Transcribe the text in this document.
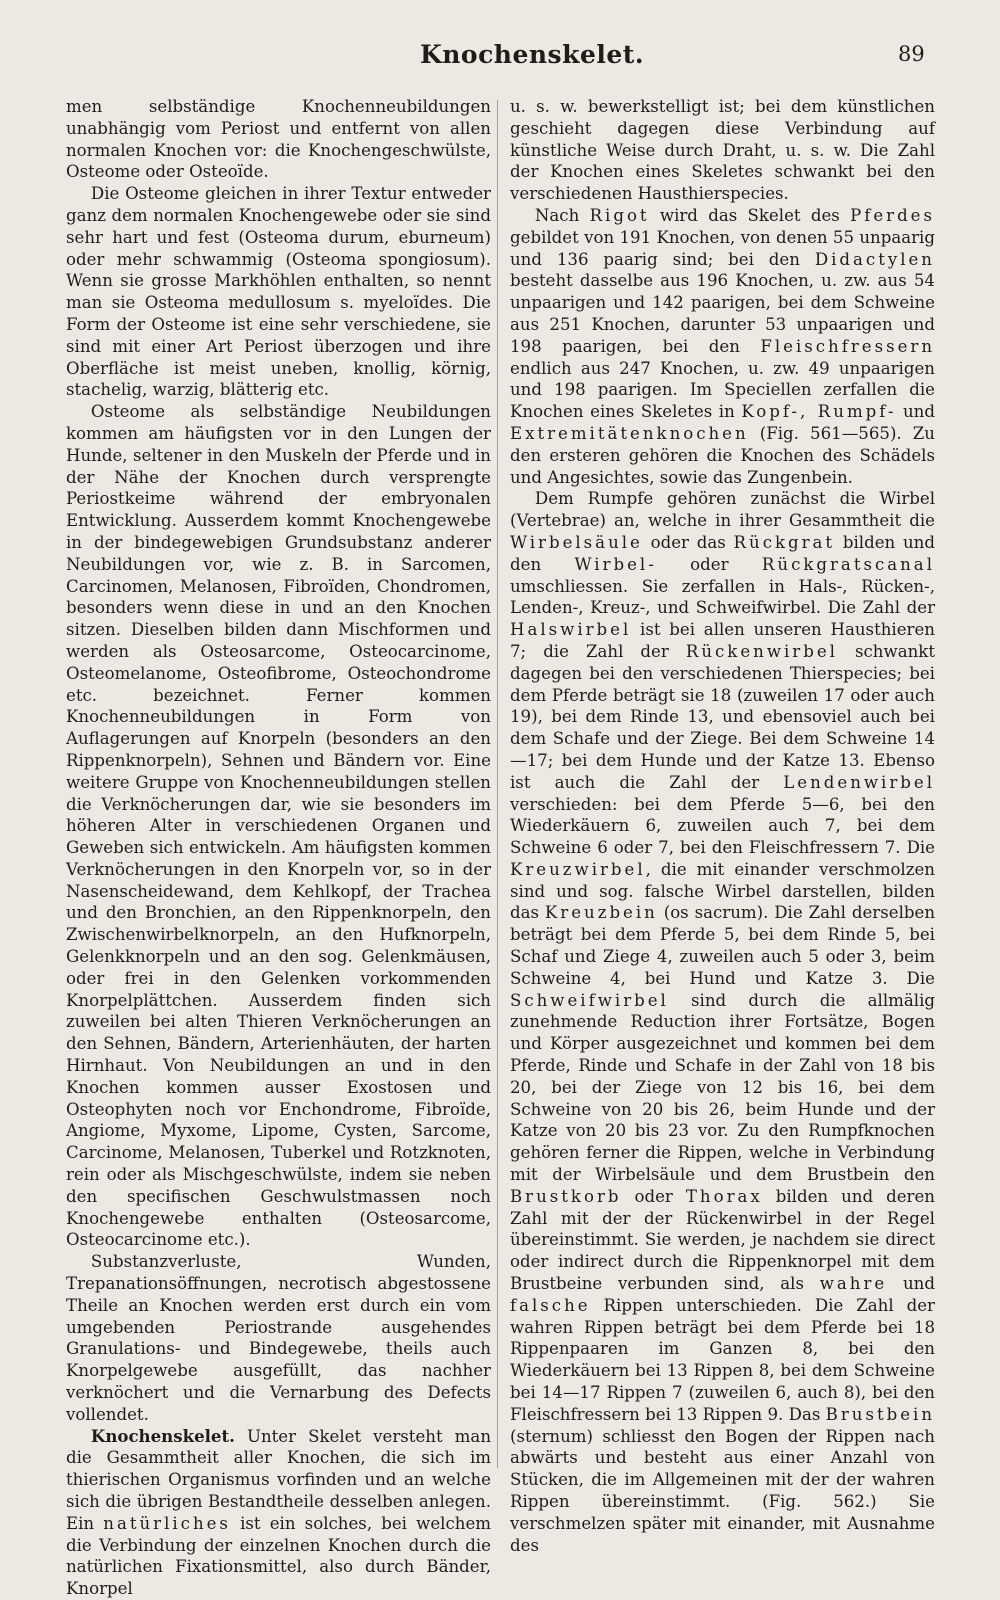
Knochenskelet.	89

men selbständige Knochenneubildungen unabhängig vom Periost und entfernt von allen normalen Knochen vor: die Knochengeschwülste, Osteome oder Osteoïde.

Die Osteome gleichen in ihrer Textur entweder ganz dem normalen Knochengewebe oder sie sind sehr hart und fest (Osteoma durum, eburneum) oder mehr schwammig (Osteoma spongiosum). Wenn sie grosse Markhöhlen enthalten, so nennt man sie Osteoma medullosum s. myeloïdes. Die Form der Osteome ist eine sehr verschiedene, sie sind mit einer Art Periost überzogen und ihre Oberfläche ist meist uneben, knollig, körnig, stachelig, warzig, blätterig etc.

Osteome als selbständige Neubildungen kommen am häufigsten vor in den Lungen der Hunde, seltener in den Muskeln der Pferde und in der Nähe der Knochen durch versprengte Periostkeime während der embryonalen Entwicklung. Ausserdem kommt Knochengewebe in der bindegewebigen Grundsubstanz anderer Neubildungen vor, wie z. B. in Sarcomen, Carcinomen, Melanosen, Fibroïden, Chondromen, besonders wenn diese in und an den Knochen sitzen. Dieselben bilden dann Mischformen und werden als Osteosarcome, Osteocarcinome, Osteomelanome, Osteofibrome, Osteochondrome etc. bezeichnet. Ferner kommen Knochenneubildungen in Form von Auflagerungen auf Knorpeln (besonders an den Rippenknorpeln), Sehnen und Bändern vor. Eine weitere Gruppe von Knochenneubildungen stellen die Verknöcherungen dar, wie sie besonders im höheren Alter in verschiedenen Organen und Geweben sich entwickeln. Am häufigsten kommen Verknöcherungen in den Knorpeln vor, so in der Nasenscheidewand, dem Kehlkopf, der Trachea und den Bronchien, an den Rippenknorpeln, den Zwischenwirbelknorpeln, an den Hufknorpeln, Gelenkknorpeln und an den sog. Gelenkmäusen, oder frei in den Gelenken vorkommenden Knorpelplättchen. Ausserdem finden sich zuweilen bei alten Thieren Verknöcherungen an den Sehnen, Bändern, Arterienhäuten, der harten Hirnhaut. Von Neubildungen an und in den Knochen kommen ausser Exostosen und Osteophyten noch vor Enchondrome, Fibroïde, Angiome, Myxome, Lipome, Cysten, Sarcome, Carcinome, Melanosen, Tuberkel und Rotzknoten, rein oder als Mischgeschwülste, indem sie neben den specifischen Geschwulstmassen noch Knochengewebe enthalten (Osteosarcome, Osteocarcinome etc.).

Substanzverluste, Wunden, Trepanationsöffnungen, necrotisch abgestossene Theile an Knochen werden erst durch ein vom umgebenden Periostrande ausgehendes Granulations- und Bindegewebe, theils auch Knorpelgewebe ausgefüllt, das nachher verknöchert und die Vernarbung des Defects vollendet.

Knochenskelet. Unter Skelet versteht man die Gesammtheit aller Knochen, die sich im thierischen Organismus vorfinden und an welche sich die übrigen Bestandtheile desselben anlegen. Ein natürliches ist ein solches, bei welchem die Verbindung der einzelnen Knochen durch die natürlichen Fixationsmittel, also durch Bänder, Knorpel

u. s. w. bewerkstelligt ist; bei dem künstlichen geschieht dagegen diese Verbindung auf künstliche Weise durch Draht, u. s. w. Die Zahl der Knochen eines Skeletes schwankt bei den verschiedenen Hausthierspecies.

Nach Rigot wird das Skelet des Pferdes gebildet von 191 Knochen, von denen 55 unpaarig und 136 paarig sind; bei den Didactylen besteht dasselbe aus 196 Knochen, u. zw. aus 54 unpaarigen und 142 paarigen, bei dem Schweine aus 251 Knochen, darunter 53 unpaarigen und 198 paarigen, bei den Fleischfressern endlich aus 247 Knochen, u. zw. 49 unpaarigen und 198 paarigen. Im Speciellen zerfallen die Knochen eines Skeletes in Kopf-, Rumpf- und Extremitätenknochen (Fig. 561—565). Zu den ersteren gehören die Knochen des Schädels und Angesichtes, sowie das Zungenbein.

Dem Rumpfe gehören zunächst die Wirbel (Vertebrae) an, welche in ihrer Gesammtheit die Wirbelsäule oder das Rückgrat bilden und den Wirbel- oder Rückgratscanal umschliessen. Sie zerfallen in Hals-, Rücken-, Lenden-, Kreuz-, und Schweifwirbel. Die Zahl der Halswirbel ist bei allen unseren Hausthieren 7; die Zahl der Rückenwirbel schwankt dagegen bei den verschiedenen Thierspecies; bei dem Pferde beträgt sie 18 (zuweilen 17 oder auch 19), bei dem Rinde 13, und ebensoviel auch bei dem Schafe und der Ziege. Bei dem Schweine 14—17; bei dem Hunde und der Katze 13. Ebenso ist auch die Zahl der Lendenwirbel verschieden: bei dem Pferde 5—6, bei den Wiederkäuern 6, zuweilen auch 7, bei dem Schweine 6 oder 7, bei den Fleischfressern 7. Die Kreuzwirbel, die mit einander verschmolzen sind und sog. falsche Wirbel darstellen, bilden das Kreuzbein (os sacrum). Die Zahl derselben beträgt bei dem Pferde 5, bei dem Rinde 5, bei Schaf und Ziege 4, zuweilen auch 5 oder 3, beim Schweine 4, bei Hund und Katze 3. Die Schweifwirbel sind durch die allmälig zunehmende Reduction ihrer Fortsätze, Bogen und Körper ausgezeichnet und kommen bei dem Pferde, Rinde und Schafe in der Zahl von 18 bis 20, bei der Ziege von 12 bis 16, bei dem Schweine von 20 bis 26, beim Hunde und der Katze von 20 bis 23 vor. Zu den Rumpfknochen gehören ferner die Rippen, welche in Verbindung mit der Wirbelsäule und dem Brustbein den Brustkorb oder Thorax bilden und deren Zahl mit der der Rückenwirbel in der Regel übereinstimmt. Sie werden, je nachdem sie direct oder indirect durch die Rippenknorpel mit dem Brustbeine verbunden sind, als wahre und falsche Rippen unterschieden. Die Zahl der wahren Rippen beträgt bei dem Pferde bei 18 Rippenpaaren im Ganzen 8, bei den Wiederkäuern bei 13 Rippen 8, bei dem Schweine bei 14—17 Rippen 7 (zuweilen 6, auch 8), bei den Fleischfressern bei 13 Rippen 9. Das Brustbein (sternum) schliesst den Bogen der Rippen nach abwärts und besteht aus einer Anzahl von Stücken, die im Allgemeinen mit der der wahren Rippen übereinstimmt. (Fig. 562.) Sie verschmelzen später mit einander, mit Ausnahme des
